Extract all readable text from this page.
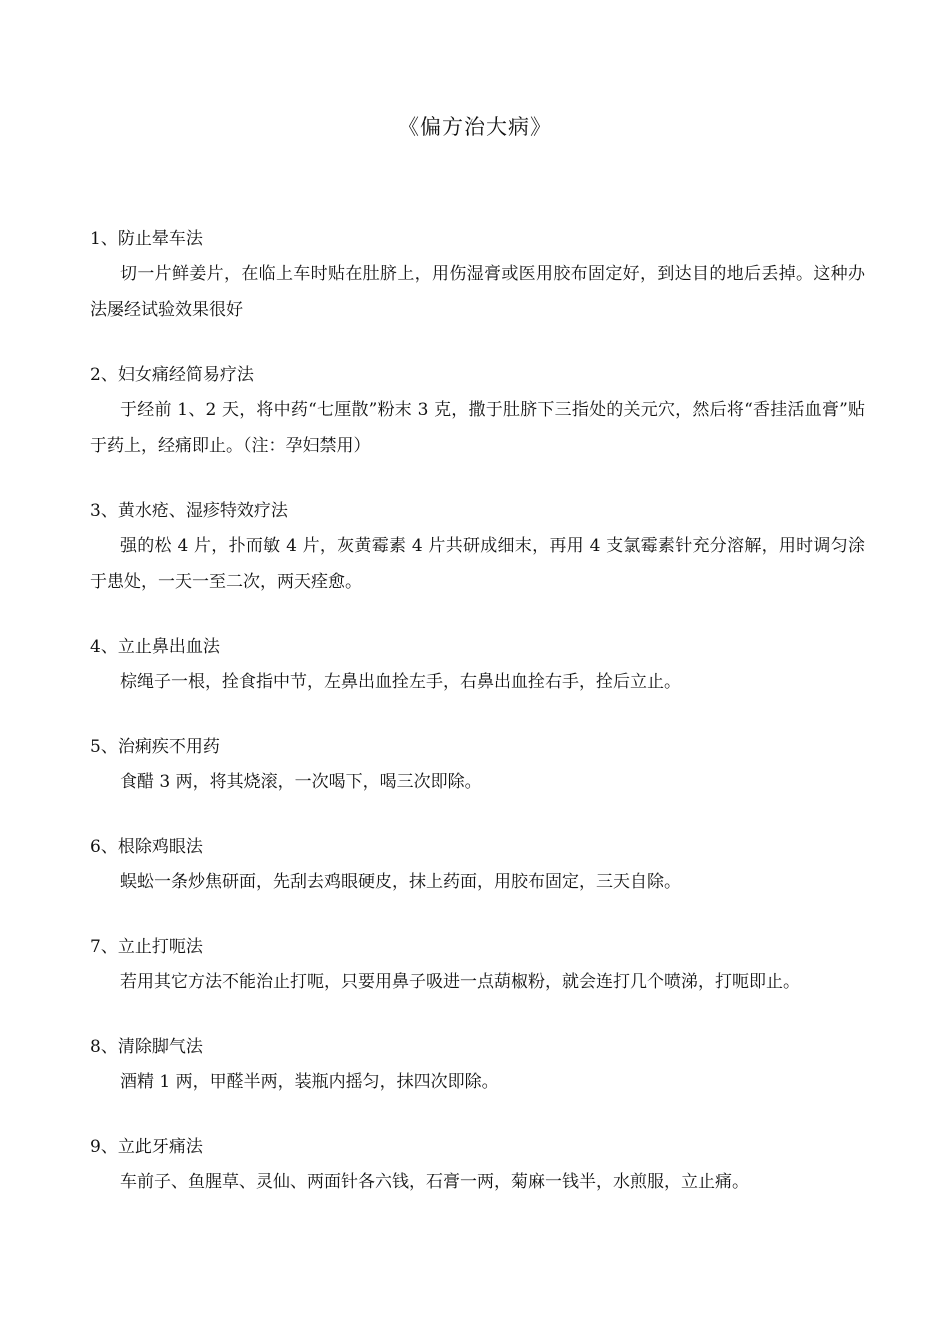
《偏方治大病》
1、防止晕车法
切一片鲜姜片，在临上车时贴在肚脐上，用伤湿膏或医用胶布固定好，到达目的地后丢掉。这种办法屡经试验效果很好
2、妇女痛经简易疗法
于经前 1、2 天，将中药“七厘散”粉末 3 克，撒于肚脐下三指处的关元穴，然后将“香挂活血膏”贴于药上，经痛即止。（注：孕妇禁用）
3、黄水疮、湿疹特效疗法
强的松 4 片，扑而敏 4 片，灰黄霉素 4 片共研成细末，再用 4 支氯霉素针充分溶解，用时调匀涂于患处，一天一至二次，两天痊愈。
4、立止鼻出血法
棕绳子一根，拴食指中节，左鼻出血拴左手，右鼻出血拴右手，拴后立止。
5、治痢疾不用药
食醋 3 两，将其烧滚，一次喝下，喝三次即除。
6、根除鸡眼法
蜈蚣一条炒焦研面，先刮去鸡眼硬皮，抹上药面，用胶布固定，三天自除。
7、立止打呃法
若用其它方法不能治止打呃，只要用鼻子吸进一点葫椒粉，就会连打几个喷涕，打呃即止。
8、清除脚气法
酒精 1 两，甲醛半两，装瓶内摇匀，抹四次即除。
9、立此牙痛法
车前子、鱼腥草、灵仙、两面针各六钱，石膏一两，菊麻一钱半，水煎服，立止痛。
